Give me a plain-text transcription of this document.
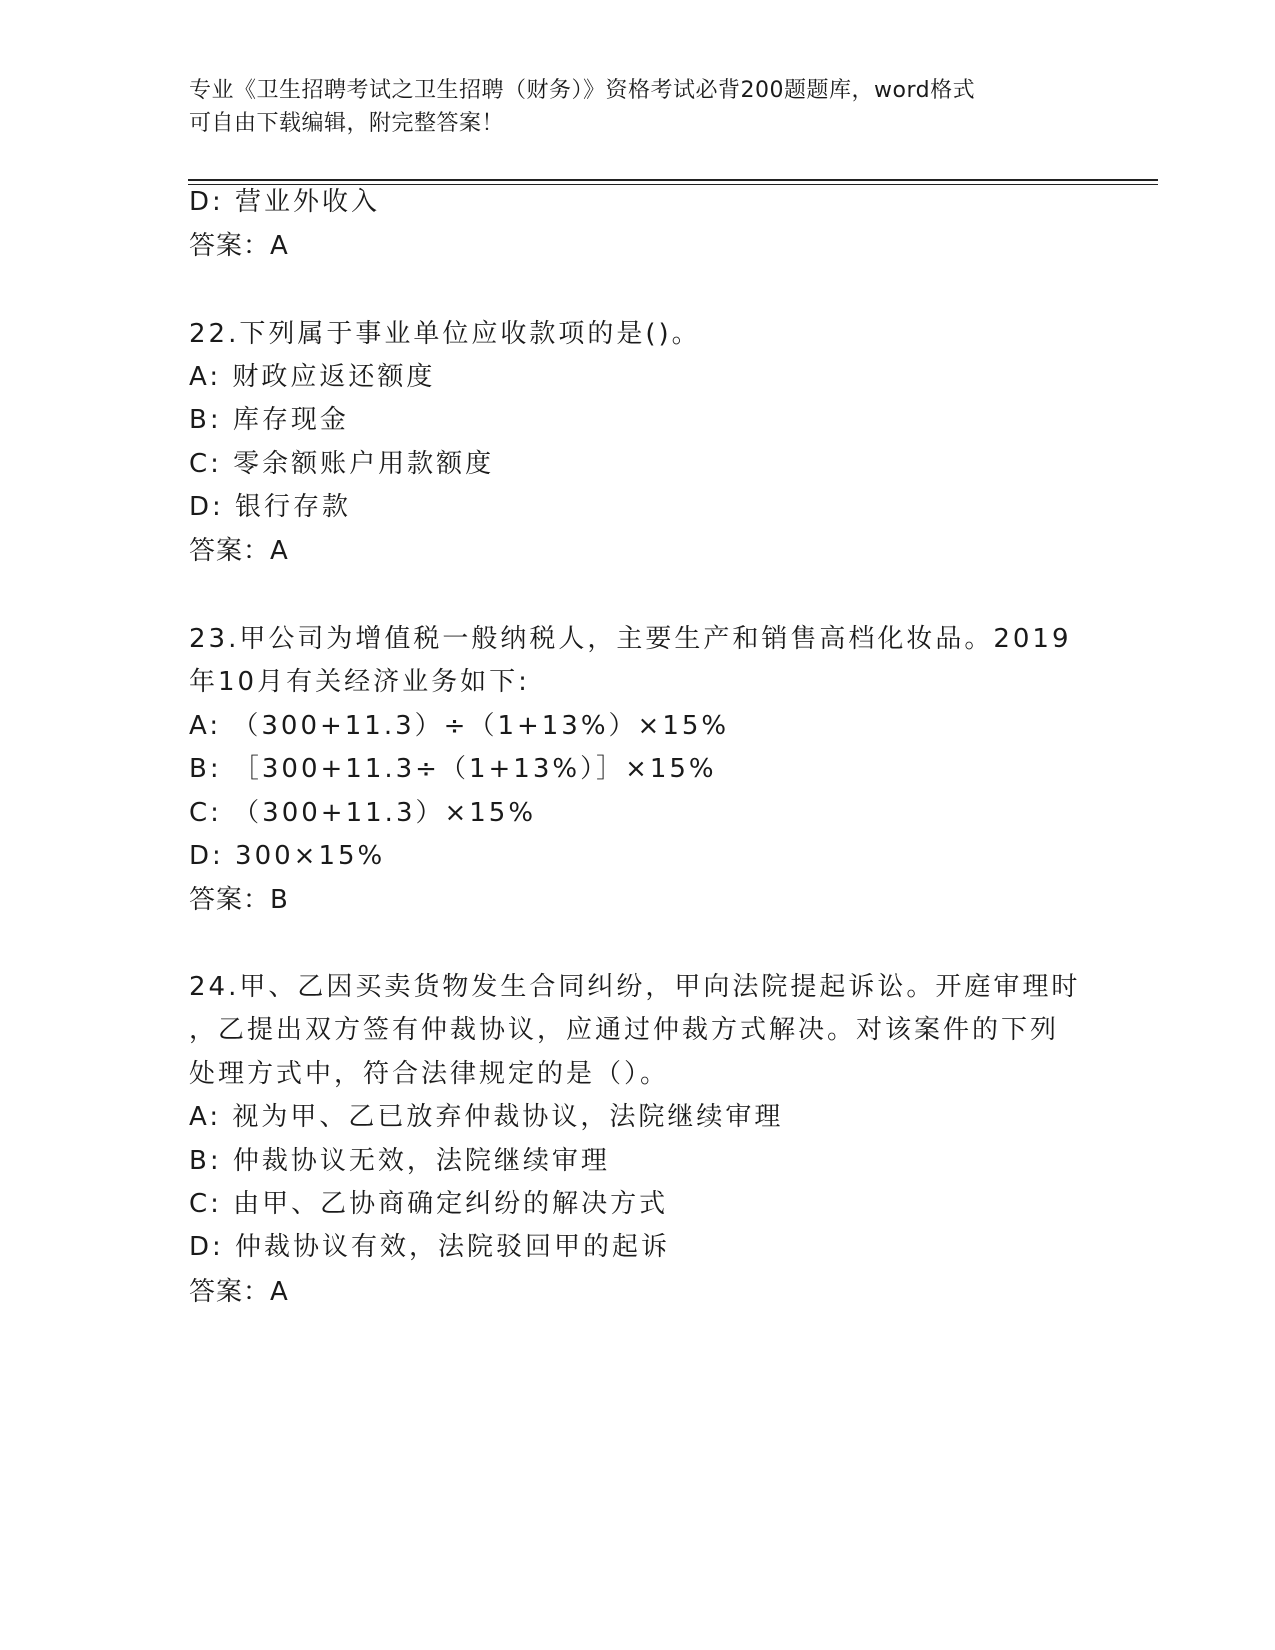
专业《卫生招聘考试之卫生招聘（财务）》资格考试必背200题题库，word格式
可自由下载编辑，附完整答案！
D: 营业外收入
答案：A
22.下列属于事业单位应收款项的是()。
A: 财政应返还额度
B: 库存现金
C: 零余额账户用款额度
D: 银行存款
答案：A
23.甲公司为增值税一般纳税人，主要生产和销售高档化妆品。2019
年10月有关经济业务如下:
A: （300+11.3）÷（1+13%）×15%
B: ［300+11.3÷（1+13%）］×15%
C: （300+11.3）×15%
D: 300×15%
答案：B
24.甲、乙因买卖货物发生合同纠纷，甲向法院提起诉讼。开庭审理时
，乙提出双方签有仲裁协议，应通过仲裁方式解决。对该案件的下列
处理方式中，符合法律规定的是（）。
A: 视为甲、乙已放弃仲裁协议，法院继续审理
B: 仲裁协议无效，法院继续审理
C: 由甲、乙协商确定纠纷的解决方式
D: 仲裁协议有效，法院驳回甲的起诉
答案：A
